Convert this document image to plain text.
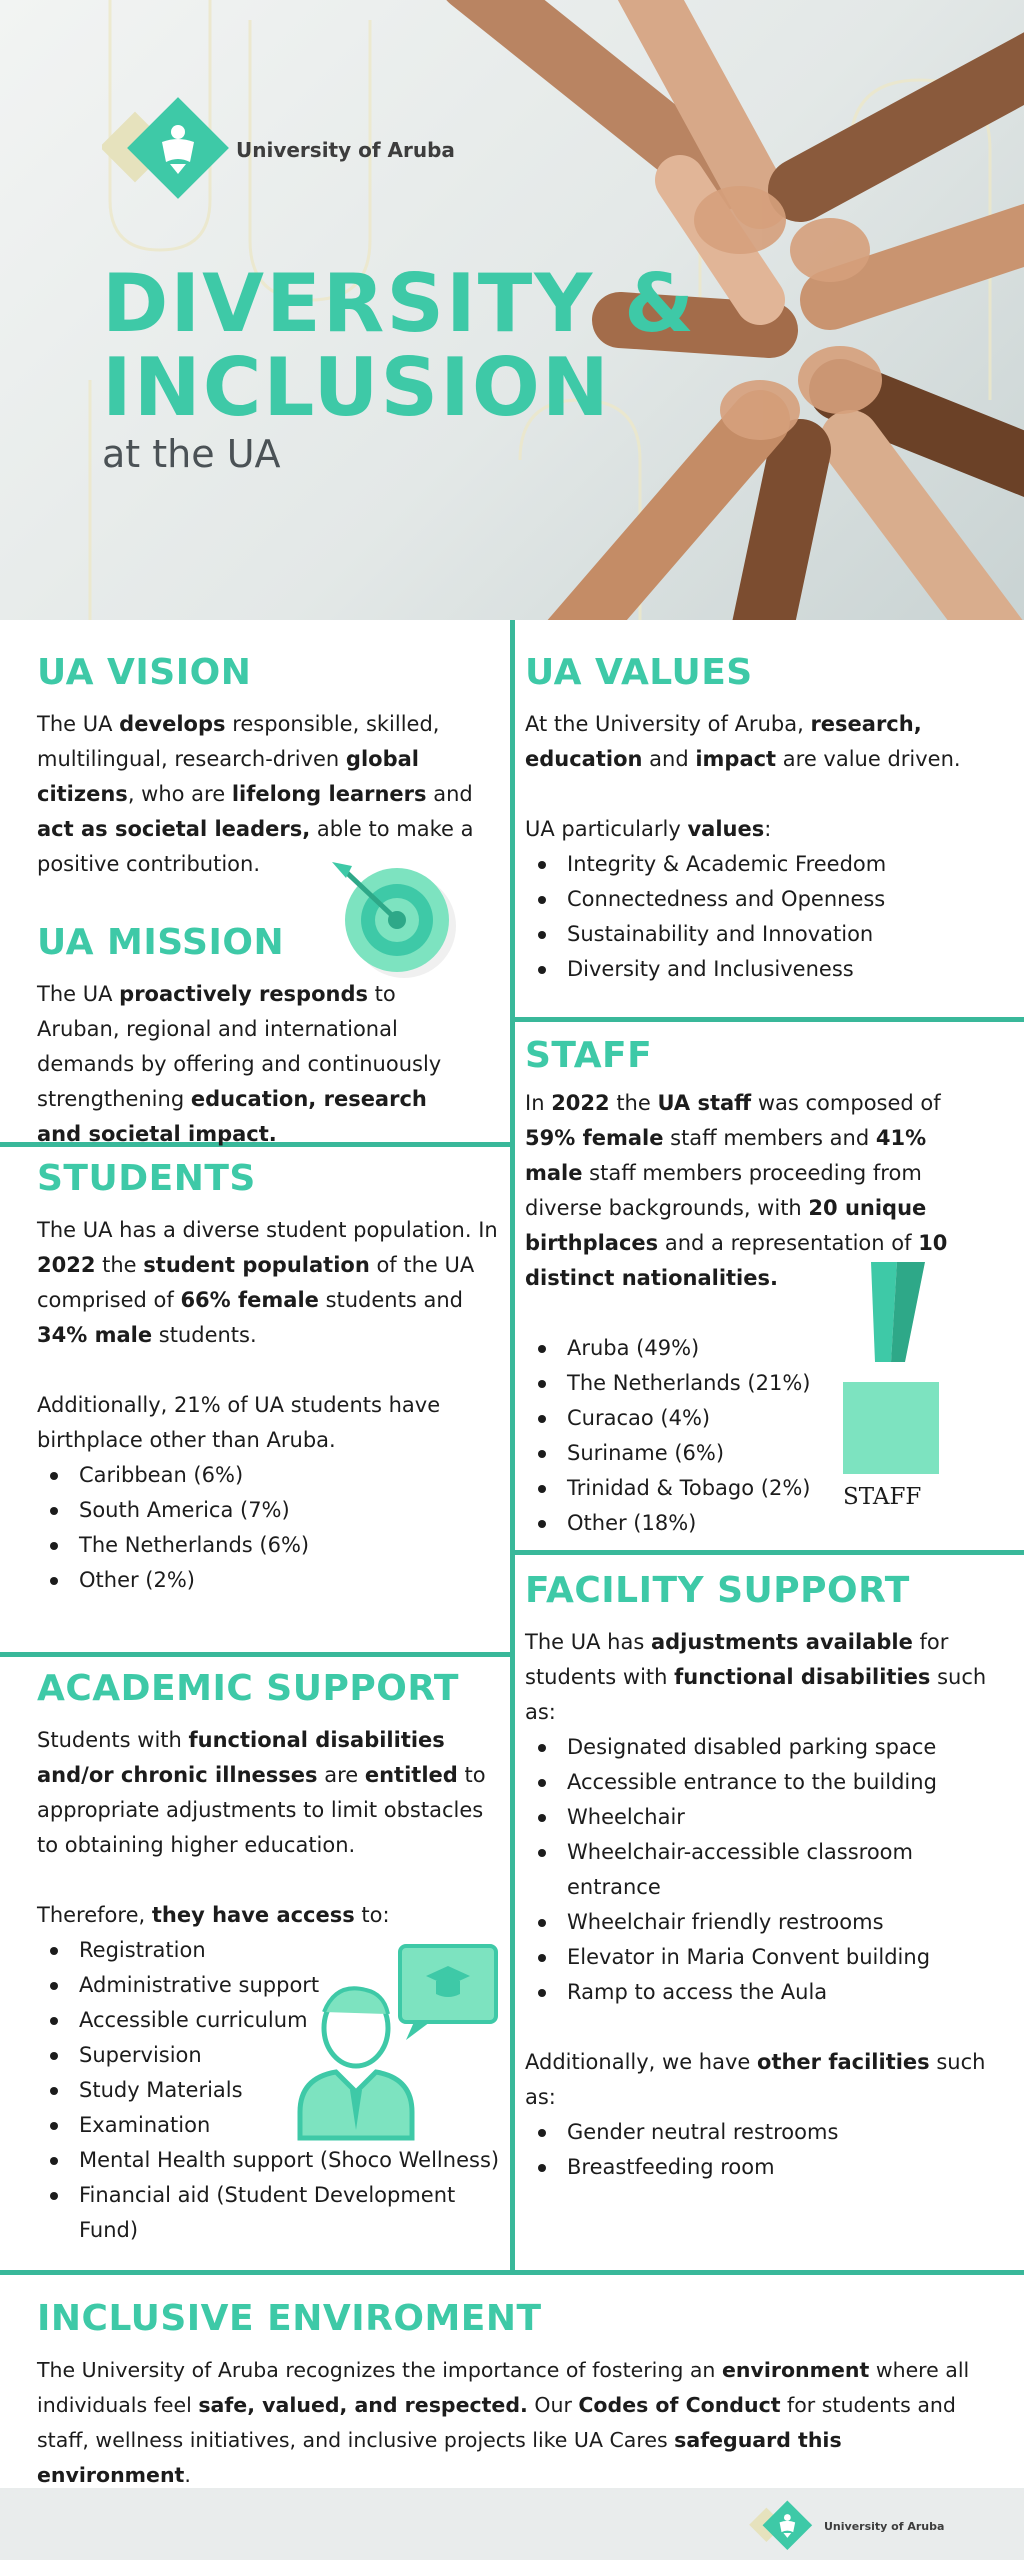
University of Aruba
DIVERSITY &
INCLUSION
at the UA
UA VISION

The UA develops responsible, skilled, multilingual, research-driven global citizens, who are lifelong learners and act as societal leaders, able to make a positive contribution.

UA MISSION

The UA proactively responds to Aruban, regional and international demands by offering and continuously strengthening education, research and societal impact.

UA VALUES

At the University of Aruba, research, education and impact are value driven.

UA particularly values:

Integrity & Academic Freedom
Connectedness and Openness
Sustainability and Innovation
Diversity and Inclusiveness
STUDENTS

The UA has a diverse student population. In 2022 the student population of the UA comprised of 66% female students and 34% male students.

Additionally, 21% of UA students have birthplace other than Aruba.

Caribbean (6%)
South America (7%)
The Netherlands (6%)
Other (2%)
STAFF

In 2022 the UA staff was composed of 59% female staff members and 41% male staff members proceeding from diverse backgrounds, with 20 unique birthplaces and a representation of 10 distinct nationalities.

Aruba (49%)
The Netherlands (21%)
Curacao (4%)
Suriname (6%)
Trinidad & Tobago (2%)
Other (18%)
STAFF
ACADEMIC SUPPORT

Students with functional disabilities and/or chronic illnesses are entitled to appropriate adjustments to limit obstacles to obtaining higher education.

Therefore, they have access to:

Registration
Administrative support
Accessible curriculum
Supervision
Study Materials
Examination
Mental Health support (Shoco Wellness)
Financial aid (Student Development Fund)
FACILITY SUPPORT

The UA has adjustments available for students with functional disabilities such as:

Designated disabled parking space
Accessible entrance to the building
Wheelchair
Wheelchair-accessible classroom entrance
Wheelchair friendly restrooms
Elevator in Maria Convent building
Ramp to access the Aula

Additionally, we have other facilities such as:

Gender neutral restrooms
Breastfeeding room
INCLUSIVE ENVIROMENT

The University of Aruba recognizes the importance of fostering an environment where all individuals feel safe, valued, and respected. Our Codes of Conduct for students and staff, wellness initiatives, and inclusive projects like UA Cares safeguard this environment.

University of Aruba
